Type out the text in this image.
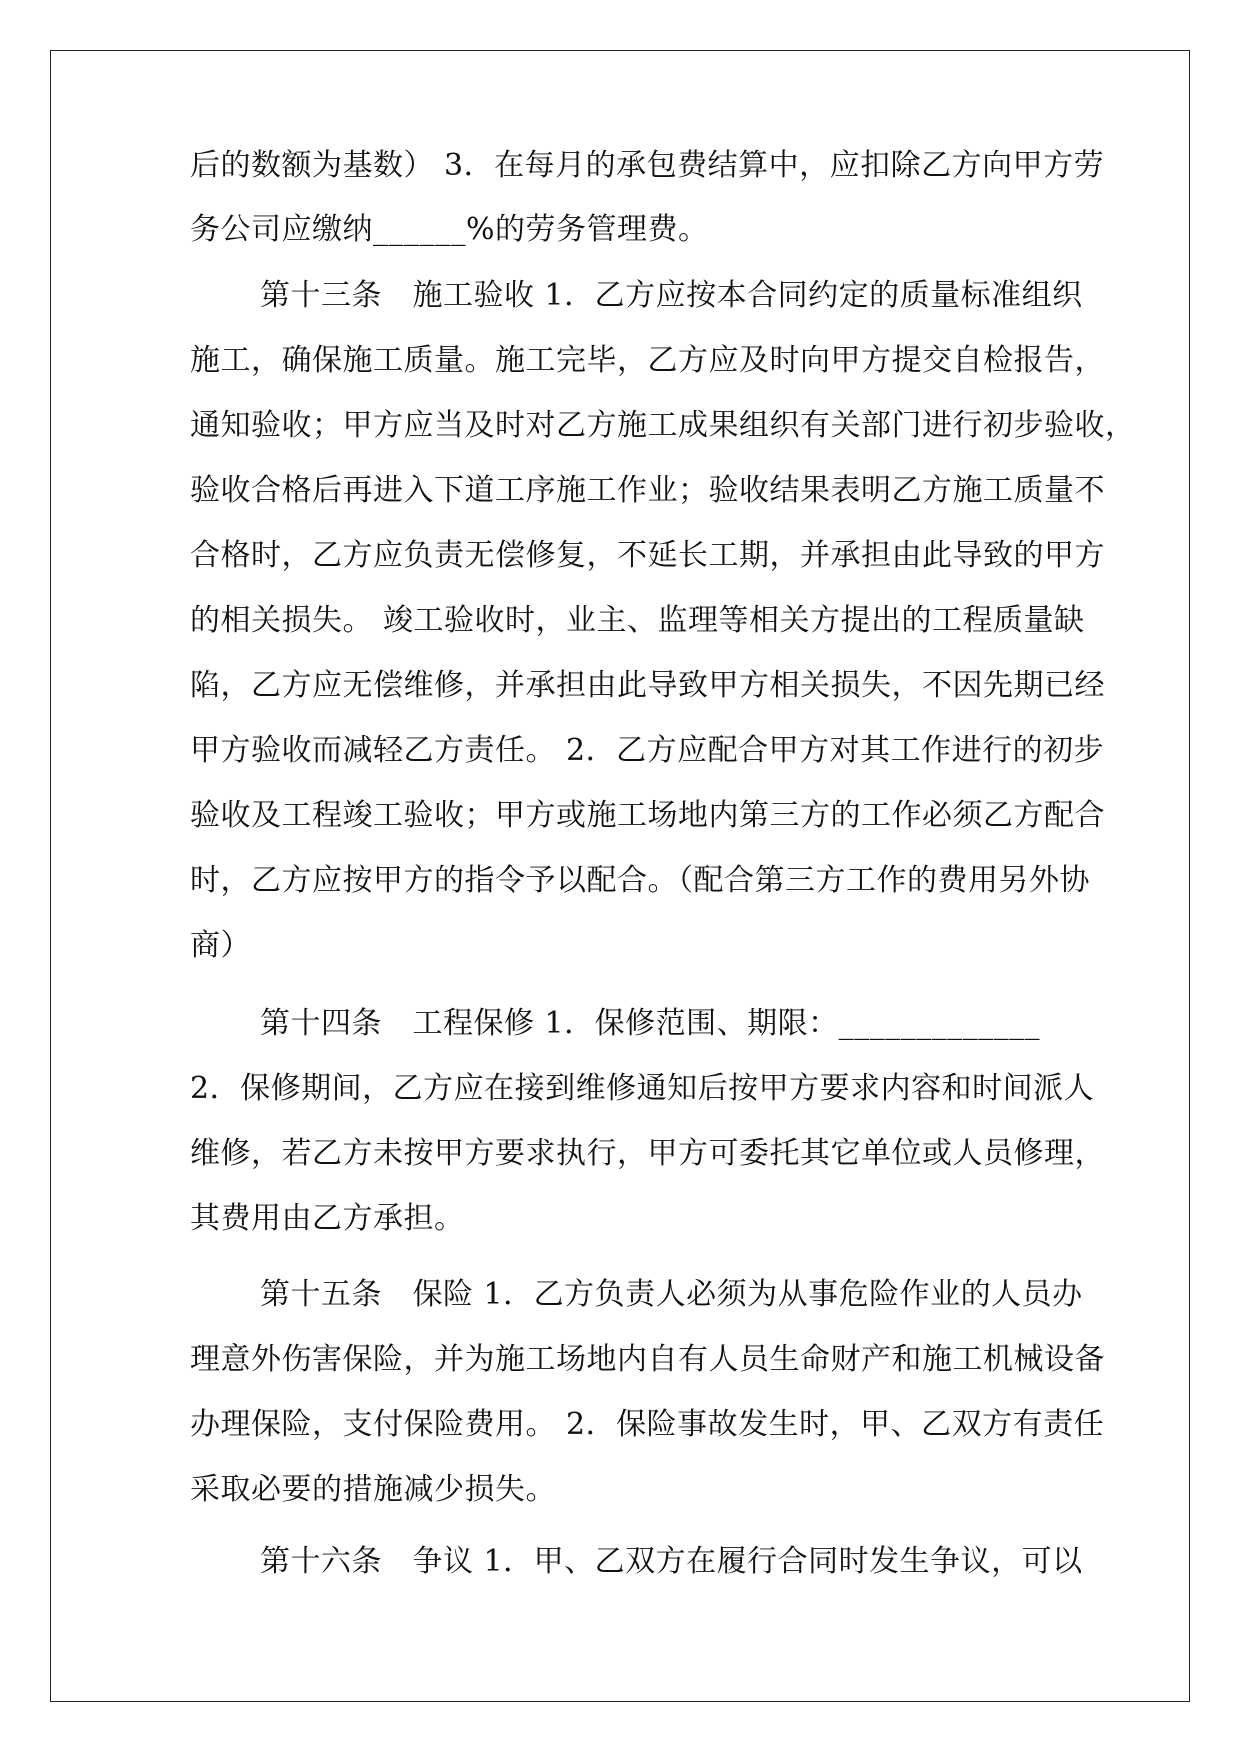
后的数额为基数） 3．在每月的承包费结算中，应扣除乙方向甲方劳
务公司应缴纳______%的劳务管理费。
第十三条　施工验收 1．乙方应按本合同约定的质量标准组织
施工，确保施工质量。施工完毕，乙方应及时向甲方提交自检报告，
通知验收；甲方应当及时对乙方施工成果组织有关部门进行初步验收，
验收合格后再进入下道工序施工作业；验收结果表明乙方施工质量不
合格时，乙方应负责无偿修复，不延长工期，并承担由此导致的甲方
的相关损失。 竣工验收时，业主、监理等相关方提出的工程质量缺
陷，乙方应无偿维修，并承担由此导致甲方相关损失，不因先期已经
甲方验收而减轻乙方责任。 2．乙方应配合甲方对其工作进行的初步
验收及工程竣工验收；甲方或施工场地内第三方的工作必须乙方配合
时，乙方应按甲方的指令予以配合。（配合第三方工作的费用另外协
商）
第十四条　工程保修 1．保修范围、期限：_____________
2．保修期间，乙方应在接到维修通知后按甲方要求内容和时间派人
维修，若乙方未按甲方要求执行，甲方可委托其它单位或人员修理，
其费用由乙方承担。
第十五条　保险 1．乙方负责人必须为从事危险作业的人员办
理意外伤害保险，并为施工场地内自有人员生命财产和施工机械设备
办理保险，支付保险费用。 2．保险事故发生时，甲、乙双方有责任
采取必要的措施减少损失。
第十六条　争议 1．甲、乙双方在履行合同时发生争议，可以
